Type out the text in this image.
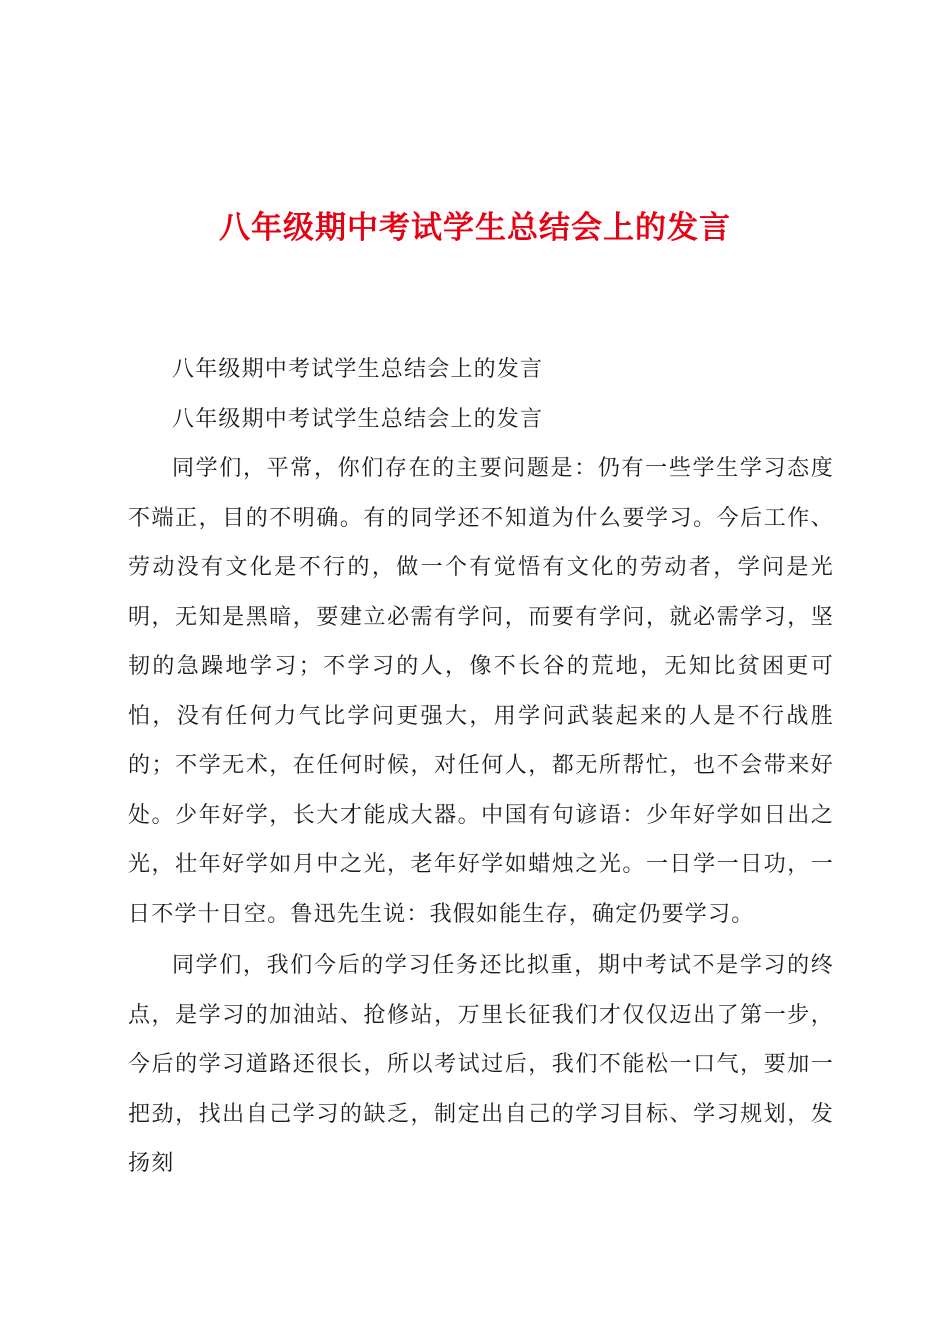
八年级期中考试学生总结会上的发言

八年级期中考试学生总结会上的发言

八年级期中考试学生总结会上的发言

同学们，平常，你们存在的主要问题是：仍有一些学生学习态度不端正，目的不明确。有的同学还不知道为什么要学习。今后工作、劳动没有文化是不行的，做一个有觉悟有文化的劳动者，学问是光明，无知是黑暗，要建立必需有学问，而要有学问，就必需学习，坚韧的急躁地学习；不学习的人，像不长谷的荒地，无知比贫困更可怕，没有任何力气比学问更强大，用学问武装起来的人是不行战胜的；不学无术，在任何时候，对任何人，都无所帮忙，也不会带来好处。少年好学，长大才能成大器。中国有句谚语：少年好学如日出之光，壮年好学如月中之光，老年好学如蜡烛之光。一日学一日功，一日不学十日空。鲁迅先生说：我假如能生存，确定仍要学习。

同学们，我们今后的学习任务还比拟重，期中考试不是学习的终点，是学习的加油站、抢修站，万里长征我们才仅仅迈出了第一步，今后的学习道路还很长，所以考试过后，我们不能松一口气，要加一把劲，找出自己学习的缺乏，制定出自己的学习目标、学习规划，发扬刻
